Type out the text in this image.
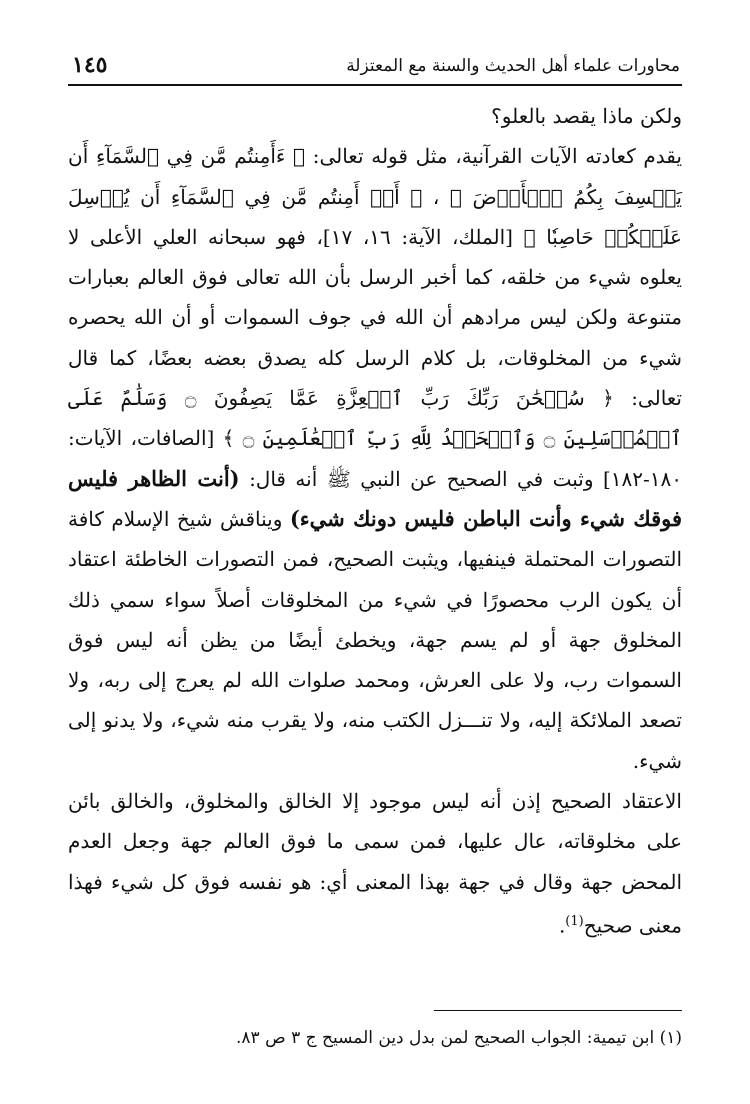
محاورات علماء أهل الحديث والسنة مع المعتزلة
١٤٥

ولكن ماذا يقصد بالعلو؟

يقدم كعادته الآيات القرآنية، مثل قوله تعالى: ﴿ ءَأَمِنتُم مَّن فِي ٱلسَّمَآءِ أَن يَخۡسِفَ بِكُمُ ٱلۡأَرۡضَ ﴾ ، ﴿ أَمۡ أَمِنتُم مَّن فِي ٱلسَّمَآءِ أَن يُرۡسِلَ عَلَيۡكُمۡ حَاصِبٗا ﴾ [الملك، الآية: ١٦، ١٧]، فهو سبحانه العلي الأعلى لا يعلوه شيء من خلقه، كما أخبر الرسل بأن الله تعالى فوق العالم بعبارات متنوعة ولكن ليس مرادهم أن الله في جوف السموات أو أن الله يحصره شيء من المخلوقات، بل كلام الرسل كله يصدق بعضه بعضًا، كما قال تعالى: ﴿ سُبۡحَٰنَ رَبِّكَ رَبِّ ٱلۡعِزَّةِ عَمَّا يَصِفُونَ ۝ وَسَلَٰمٌ عَلَى ٱلۡمُرۡسَلِينَ ۝ وَٱلۡحَمۡدُ لِلَّهِ رَبِّ ٱلۡعَٰلَمِينَ ۝ ﴾ [الصافات، الآيات: ١٨٠-١٨٢] وثبت في الصحيح عن النبي ﷺ أنه قال: (أنت الظاهر فليس فوقك شيء وأنت الباطن فليس دونك شيء) ويناقش شيخ الإسلام كافة التصورات المحتملة فينفيها، ويثبت الصحيح، فمن التصورات الخاطئة اعتقاد أن يكون الرب محصورًا في شيء من المخلوقات أصلاً سواء سمي ذلك المخلوق جهة أو لم يسم جهة، ويخطئ أيضًا من يظن أنه ليس فوق السموات رب، ولا على العرش، ومحمد صلوات الله لم يعرج إلى ربه، ولا تصعد الملائكة إليه، ولا تنـــزل الكتب منه، ولا يقرب منه شيء، ولا يدنو إلى شيء.

الاعتقاد الصحيح إذن أنه ليس موجود إلا الخالق والمخلوق، والخالق بائن على مخلوقاته، عال عليها، فمن سمى ما فوق العالم جهة وجعل العدم المحض جهة وقال في جهة بهذا المعنى أي: هو نفسه فوق كل شيء فهذا معنى صحيح$^{(1)}$.

(١) ابن تيمية: الجواب الصحيح لمن بدل دين المسيح ج ٣ ص ٨٣.
